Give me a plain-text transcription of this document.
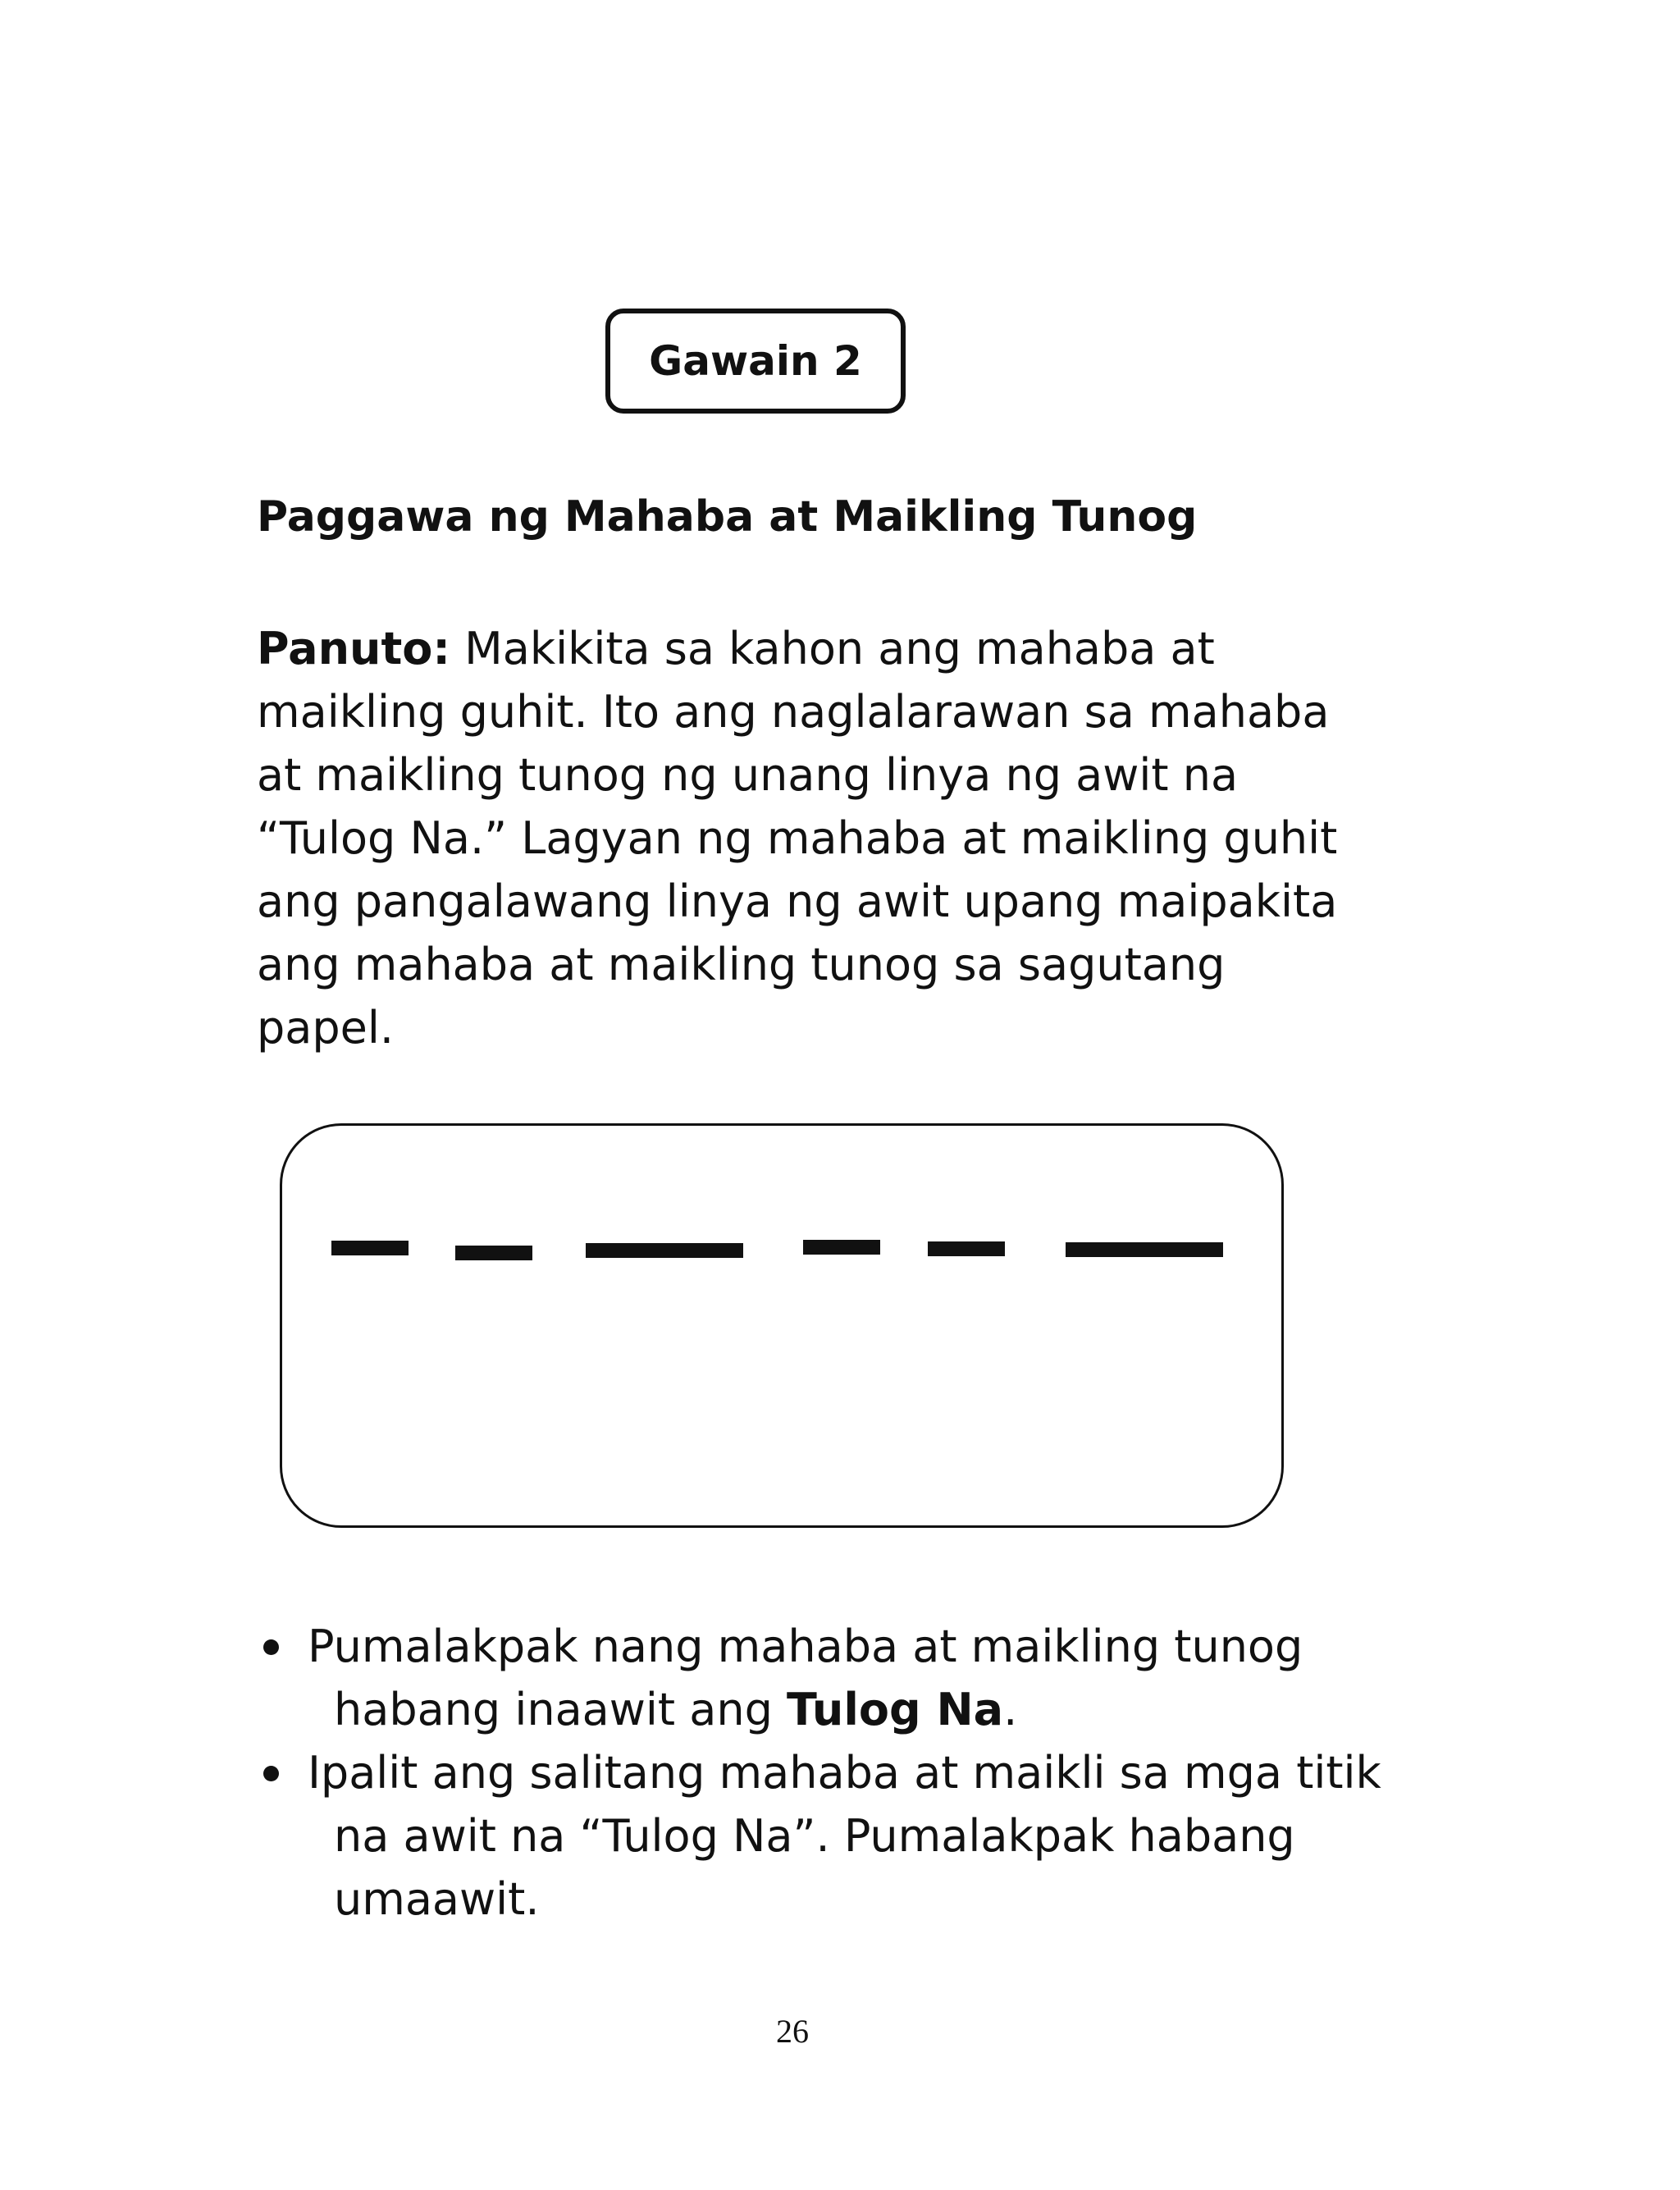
Gawain 2
Paggawa ng Mahaba at Maikling Tunog

Panuto: Makikita sa kahon ang mahaba at

maikling guhit. Ito ang naglalarawan sa mahaba

at maikling tunog ng unang linya ng awit na

“Tulog Na.” Lagyan ng mahaba at maikling guhit

ang pangalawang linya ng awit upang maipakita

ang mahaba at maikling tunog sa sagutang

papel.

Pumalakpak nang mahaba at maikling tunog

habang inaawit ang Tulog Na.

Ipalit ang salitang mahaba at maikli sa mga titik

na awit na “Tulog Na”. Pumalakpak habang

umaawit.

26
